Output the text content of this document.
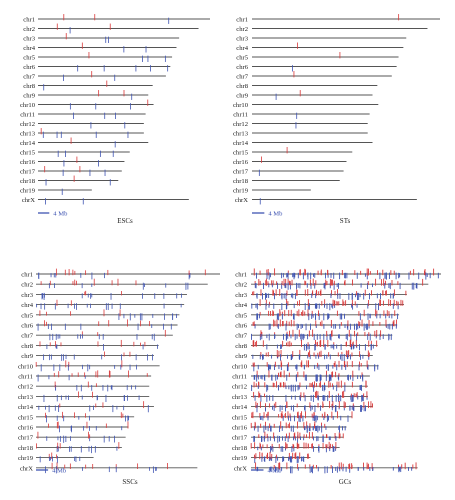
chr1
chr2
chr3
chr4
chr5
chr6
chr7
chr8
chr9
chr10
chr11
chr12
chr13
chr14
chr15
chr16
chr17
chr18
chr19
chrX
4 Mb
ESCs
chr1
chr2
chr3
chr4
chr5
chr6
chr7
chr8
chr9
chr10
chr11
chr12
chr13
chr14
chr15
chr16
chr17
chr18
chr19
chrX
4 Mb
STs
chr1
chr2
chr3
chr4
chr5
chr6
chr7
chr8
chr9
chr10
chr11
chr12
chr13
chr14
chr15
chr16
chr17
chr18
chr19
chrX	4 Mb
SSCs
chr1
chr2
chr3
chr4
chr5
chr6
chr7
chr8
chr9
chr10
chr11
chr12
chr13
chr14
chr15
chr16
chr17
chr18
chr19
chrX	4 Mb
GCs
